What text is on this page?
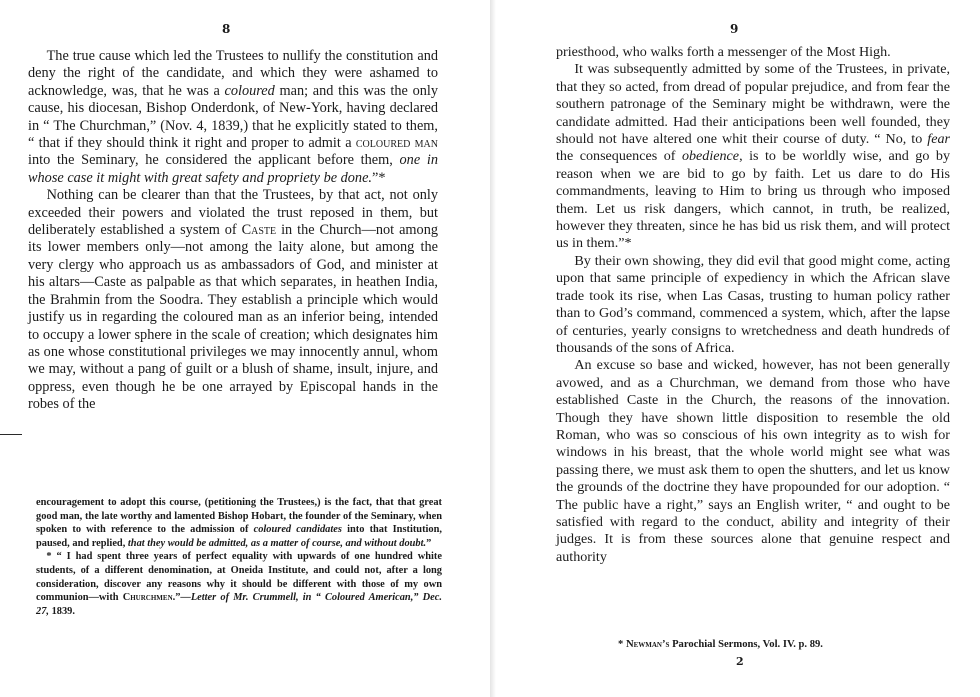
8

The true cause which led the Trustees to nullify the constitution and deny the right of the candidate, and which they were ashamed to acknowledge, was, that he was a coloured man; and this was the only cause, his diocesan, Bishop Onderdonk, of New-York, having declared in “ The Churchman,” (Nov. 4, 1839,) that he explicitly stated to them, “ that if they should think it right and proper to admit a coloured man into the Seminary, he considered the applicant before them, one in whose case it might with great safety and propriety be done.”*

Nothing can be clearer than that the Trustees, by that act, not only exceeded their powers and violated the trust reposed in them, but deliberately established a system of Caste in the Church—not among its lower members only—not among the laity alone, but among the very clergy who approach us as ambassadors of God, and minister at his altars—Caste as palpable as that which separates, in heathen India, the Brahmin from the Soodra. They establish a principle which would justify us in regarding the coloured man as an inferior being, intended to occupy a lower sphere in the scale of creation; which designates him as one whose constitutional privileges we may innocently annul, whom we may, without a pang of guilt or a blush of shame, insult, injure, and oppress, even though he be one arrayed by Episcopal hands in the robes of the

encouragement to adopt this course, (petitioning the Trustees,) is the fact, that that great good man, the late worthy and lamented Bishop Hobart, the founder of the Seminary, when spoken to with reference to the admission of coloured candidates into that Institution, paused, and replied, that they would be admitted, as a matter of course, and without doubt.”

* “ I had spent three years of perfect equality with upwards of one hundred white students, of a different denomination, at Oneida Institute, and could not, after a long consideration, discover any reasons why it should be different with those of my own communion—with Churchmen.”—Letter of Mr. Crummell, in “ Coloured American,” Dec. 27, 1839.

9

priesthood, who walks forth a messenger of the Most High.

It was subsequently admitted by some of the Trustees, in private, that they so acted, from dread of popular prejudice, and from fear the southern patronage of the Seminary might be withdrawn, were the candidate admitted. Had their anticipations been well founded, they should not have altered one whit their course of duty. “ No, to fear the consequences of obedience, is to be worldly wise, and go by reason when we are bid to go by faith. Let us dare to do His commandments, leaving to Him to bring us through who imposed them. Let us risk dangers, which cannot, in truth, be realized, however they threaten, since he has bid us risk them, and will protect us in them.”*

By their own showing, they did evil that good might come, acting upon that same principle of expediency in which the African slave trade took its rise, when Las Casas, trusting to human policy rather than to God’s command, commenced a system, which, after the lapse of centuries, yearly consigns to wretchedness and death hundreds of thousands of the sons of Africa.

An excuse so base and wicked, however, has not been generally avowed, and as a Churchman, we demand from those who have established Caste in the Church, the reasons of the innovation. Though they have shown little disposition to resemble the old Roman, who was so conscious of his own integrity as to wish for windows in his breast, that the whole world might see what was passing there, we must ask them to open the shutters, and let us know the grounds of the doctrine they have propounded for our adoption. “ The public have a right,” says an English writer, “ and ought to be satisfied with regard to the conduct, ability and integrity of their judges. It is from these sources alone that genuine respect and authority

* Newman’s Parochial Sermons, Vol. IV. p. 89.

2
